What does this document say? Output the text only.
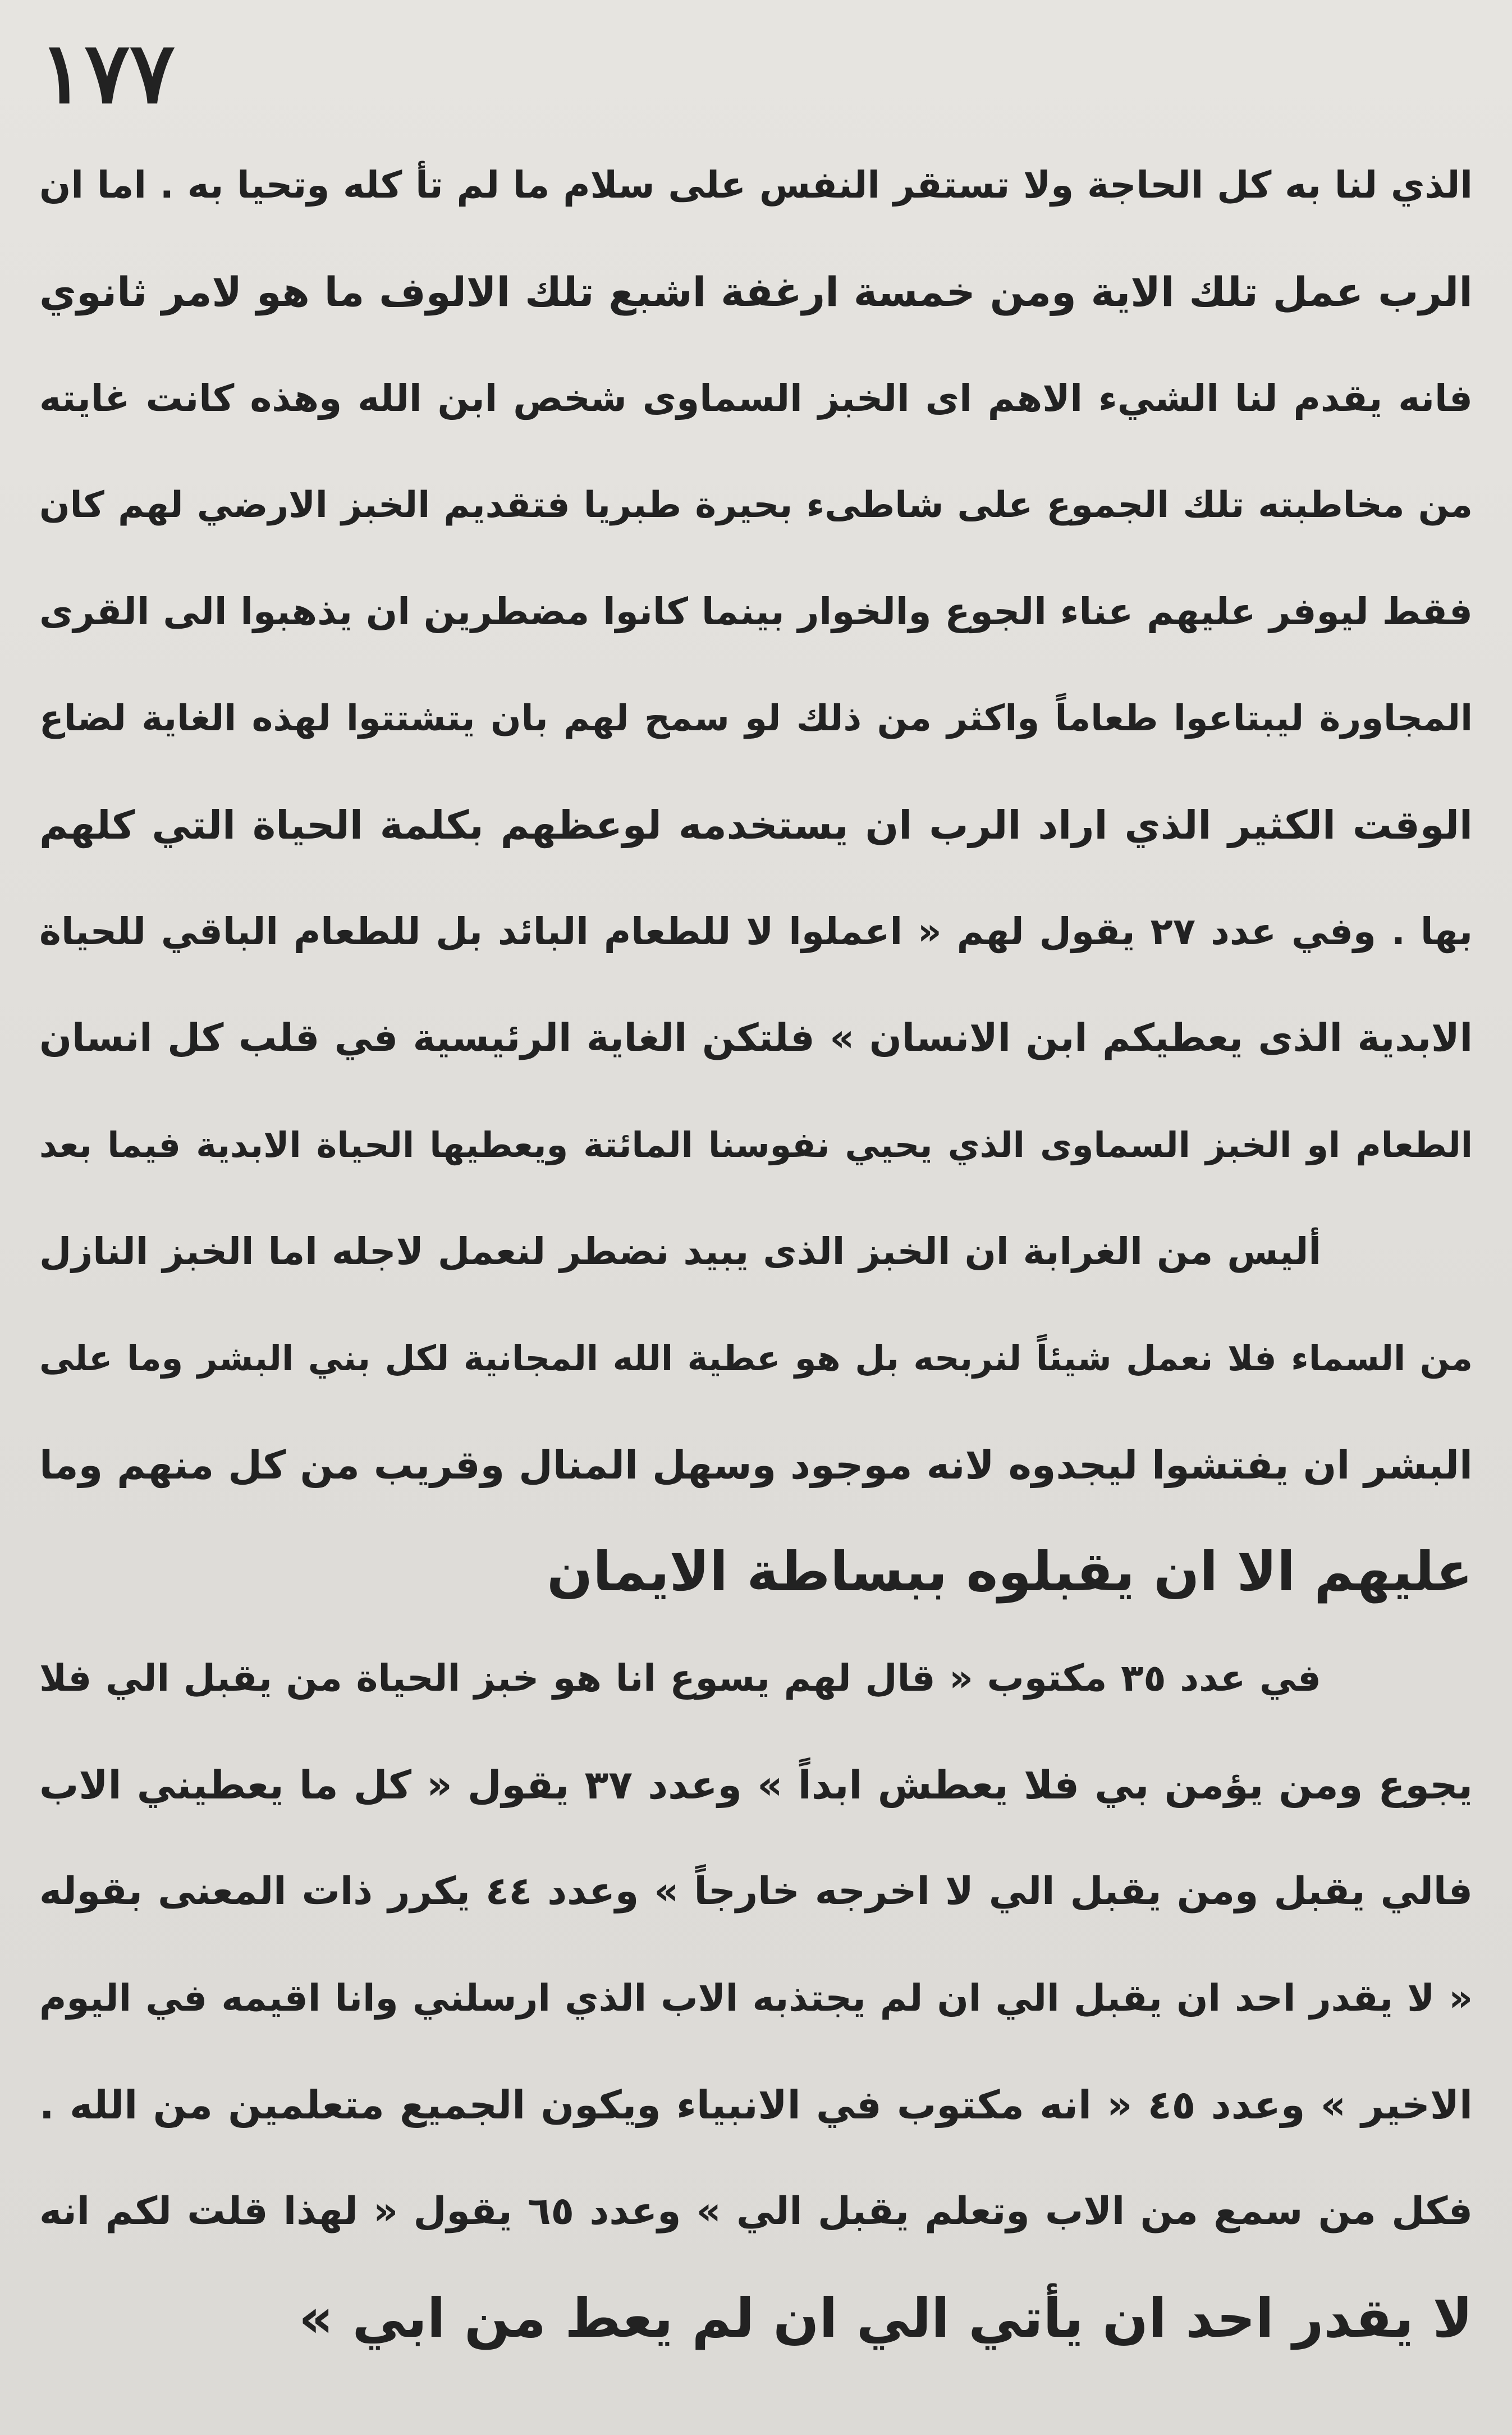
١٧٧
الذي لنا به كل الحاجة ولا تستقر النفس على سلام ما لم تأ كله وتحيا به . اما ان
الرب عمل تلك الاية ومن خمسة ارغفة اشبع تلك الالوف ما هو لامر ثانوي
فانه يقدم لنا الشيء الاهم اى الخبز السماوى شخص ابن الله وهذه كانت غايته
من مخاطبته تلك الجموع على شاطىء بحيرة طبريا فتقديم الخبز الارضي لهم كان
فقط ليوفر عليهم عناء الجوع والخوار بينما كانوا مضطرين ان يذهبوا الى القرى
المجاورة ليبتاعوا طعاماً واكثر من ذلك لو سمح لهم بان يتشتتوا لهذه الغاية لضاع
الوقت الكثير الذي اراد الرب ان يستخدمه لوعظهم بكلمة الحياة التي كلهم
بها . وفي عدد ٢٧ يقول لهم « اعملوا لا للطعام البائد بل للطعام الباقي للحياة
الابدية الذى يعطيكم ابن الانسان » فلتكن الغاية الرئيسية في قلب كل انسان
الطعام او الخبز السماوى الذي يحيي نفوسنا المائتة ويعطيها الحياة الابدية فيما بعد
أليس من الغرابة ان الخبز الذى يبيد نضطر لنعمل لاجله اما الخبز النازل
من السماء فلا نعمل شيئاً لنربحه بل هو عطية الله المجانية لكل بني البشر وما على
البشر ان يفتشوا ليجدوه لانه موجود وسهل المنال وقريب من كل منهم وما
عليهم الا ان يقبلوه ببساطة الايمان
في عدد ٣٥ مكتوب « قال لهم يسوع انا هو خبز الحياة من يقبل الي فلا
يجوع ومن يؤمن بي فلا يعطش ابداً » وعدد ٣٧ يقول « كل ما يعطيني الاب
فالي يقبل ومن يقبل الي لا اخرجه خارجاً » وعدد ٤٤ يكرر ذات المعنى بقوله
« لا يقدر احد ان يقبل الي ان لم يجتذبه الاب الذي ارسلني وانا اقيمه في اليوم
الاخير » وعدد ٤٥ « انه مكتوب في الانبياء ويكون الجميع متعلمين من الله .
فكل من سمع من الاب وتعلم يقبل الي » وعدد ٦٥ يقول « لهذا قلت لكم انه
لا يقدر احد ان يأتي الي ان لم يعط من ابي »
